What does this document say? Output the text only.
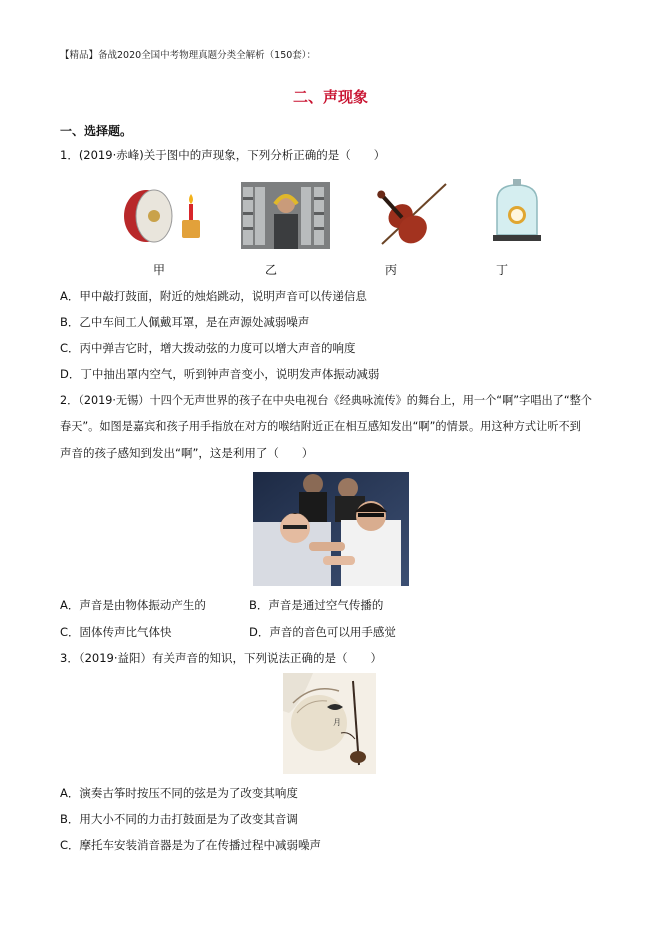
【精品】备战2020全国中考物理真题分类全解析（150套）：
二、声现象
一、选择题。
1．(2019·赤峰)关于图中的声现象，下列分析正确的是（　　）
甲	乙	丙	丁
A．甲中敲打鼓面，附近的烛焰跳动，说明声音可以传递信息
B．乙中车间工人佩戴耳罩，是在声源处减弱噪声
C．丙中弹吉它时，增大拨动弦的力度可以增大声音的响度
D．丁中抽出罩内空气，听到钟声音变小，说明发声体振动减弱
2．（2019·无锡）十四个无声世界的孩子在中央电视台《经典咏流传》的舞台上，用一个“啊”字唱出了“整个
春天”。如图是嘉宾和孩子用手指放在对方的喉结附近正在相互感知发出“啊”的情景。用这种方式让听不到
声音的孩子感知到发出“啊”，这是利用了（　　）
A．声音是由物体振动产生的	B．声音是通过空气传播的
C．固体传声比气体快	D．声音的音色可以用手感觉
3．（2019·益阳）有关声音的知识，下列说法正确的是（　　）
月
A．演奏古筝时按压不同的弦是为了改变其响度
B．用大小不同的力击打鼓面是为了改变其音调
C．摩托车安装消音器是为了在传播过程中减弱噪声
